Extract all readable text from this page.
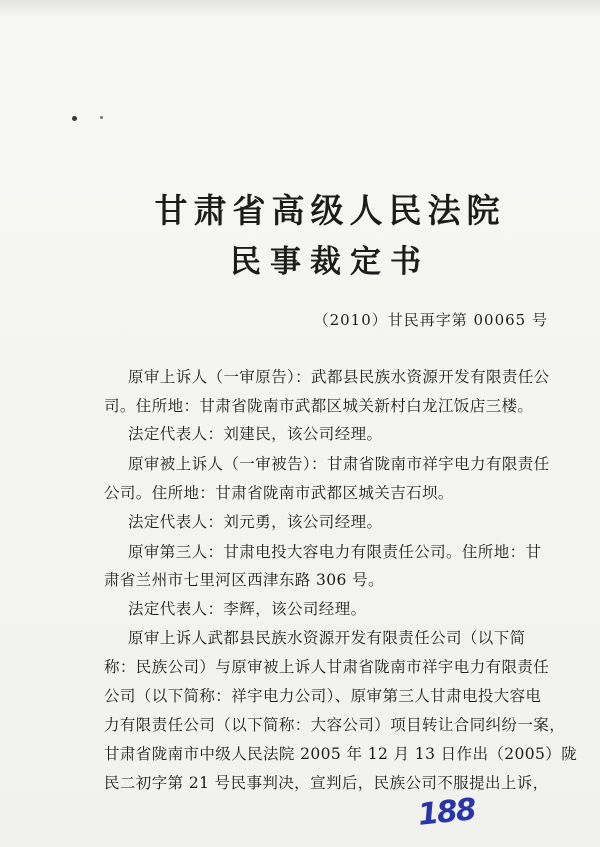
甘肃省高级人民法院
民事裁定书
（2010）甘民再字第 00065 号
原审上诉人（一审原告）：武都县民族水资源开发有限责任公
司。住所地：甘肃省陇南市武都区城关新村白龙江饭店三楼。
法定代表人：刘建民，该公司经理。
原审被上诉人（一审被告）：甘肃省陇南市祥宇电力有限责任
公司。住所地：甘肃省陇南市武都区城关吉石坝。
法定代表人：刘元勇，该公司经理。
原审第三人：甘肃电投大容电力有限责任公司。住所地：甘
肃省兰州市七里河区西津东路 306 号。
法定代表人：李辉，该公司经理。
原审上诉人武都县民族水资源开发有限责任公司（以下简
称：民族公司）与原审被上诉人甘肃省陇南市祥宇电力有限责任
公司（以下简称：祥宇电力公司）、原审第三人甘肃电投大容电
力有限责任公司（以下简称：大容公司）项目转让合同纠纷一案，
甘肃省陇南市中级人民法院 2005 年 12 月 13 日作出（2005）陇
民二初字第 21 号民事判决，宣判后，民族公司不服提出上诉，
188
